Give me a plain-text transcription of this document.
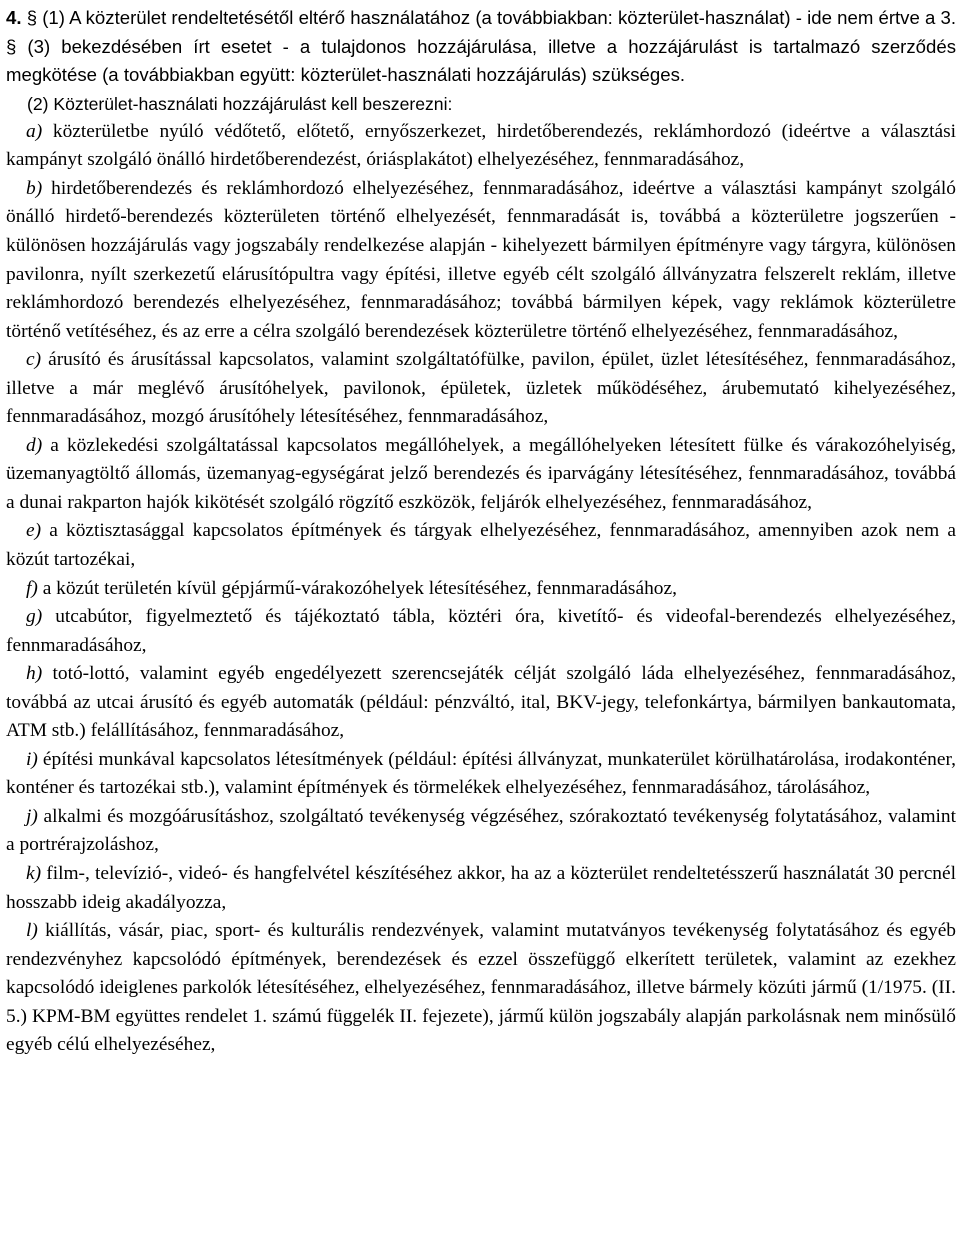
4. § (1) A közterület rendeltetésétől eltérő használatához (a továbbiakban: közterület-használat) - ide nem értve a 3. § (3) bekezdésében írt esetet - a tulajdonos hozzájárulása, illetve a hozzájárulást is tartalmazó szerződés megkötése (a továbbiakban együtt: közterület-használati hozzájárulás) szükséges.

(2) Közterület-használati hozzájárulást kell beszerezni:

a) közterületbe nyúló védőtető, előtető, ernyőszerkezet, hirdetőberendezés, reklámhordozó (ideértve a választási kampányt szolgáló önálló hirdetőberendezést, óriásplakátot) elhelyezéséhez, fennmaradásához,

b) hirdetőberendezés és reklámhordozó elhelyezéséhez, fennmaradásához, ideértve a választási kampányt szolgáló önálló hirdető-berendezés közterületen történő elhelyezését, fennmaradását is, továbbá a közterületre jogszerűen - különösen hozzájárulás vagy jogszabály rendelkezése alapján - kihelyezett bármilyen építményre vagy tárgyra, különösen pavilonra, nyílt szerkezetű elárusítópultra vagy építési, illetve egyéb célt szolgáló állványzatra felszerelt reklám, illetve reklámhordozó berendezés elhelyezéséhez, fennmaradásához; továbbá bármilyen képek, vagy reklámok közterületre történő vetítéséhez, és az erre a célra szolgáló berendezések közterületre történő elhelyezéséhez, fennmaradásához,

c) árusító és árusítással kapcsolatos, valamint szolgáltatófülke, pavilon, épület, üzlet létesítéséhez, fennmaradásához, illetve a már meglévő árusítóhelyek, pavilonok, épületek, üzletek működéséhez, árubemutató kihelyezéséhez, fennmaradásához, mozgó árusítóhely létesítéséhez, fennmaradásához,

d) a közlekedési szolgáltatással kapcsolatos megállóhelyek, a megállóhelyeken létesített fülke és várakozóhelyiség, üzemanyagtöltő állomás, üzemanyag-egységárat jelző berendezés és iparvágány létesítéséhez, fennmaradásához, továbbá a dunai rakparton hajók kikötését szolgáló rögzítő eszközök, feljárók elhelyezéséhez, fennmaradásához,

e) a köztisztasággal kapcsolatos építmények és tárgyak elhelyezéséhez, fennmaradásához, amennyiben azok nem a közút tartozékai,

f) a közút területén kívül gépjármű-várakozóhelyek létesítéséhez, fennmaradásához,

g) utcabútor, figyelmeztető és tájékoztató tábla, köztéri óra, kivetítő- és videofal-berendezés elhelyezéséhez, fennmaradásához,

h) totó-lottó, valamint egyéb engedélyezett szerencsejáték célját szolgáló láda elhelyezéséhez, fennmaradásához, továbbá az utcai árusító és egyéb automaták (például: pénzváltó, ital, BKV-jegy, telefonkártya, bármilyen bankautomata, ATM stb.) felállításához, fennmaradásához,

i) építési munkával kapcsolatos létesítmények (például: építési állványzat, munkaterület körülhatárolása, irodakonténer, konténer és tartozékai stb.), valamint építmények és törmelékek elhelyezéséhez, fennmaradásához, tárolásához,

j) alkalmi és mozgóárusításhoz, szolgáltató tevékenység végzéséhez, szórakoztató tevékenység folytatásához, valamint a portrérajzoláshoz,

k) film-, televízió-, videó- és hangfelvétel készítéséhez akkor, ha az a közterület rendeltetésszerű használatát 30 percnél hosszabb ideig akadályozza,

l) kiállítás, vásár, piac, sport- és kulturális rendezvények, valamint mutatványos tevékenység folytatásához és egyéb rendezvényhez kapcsolódó építmények, berendezések és ezzel összefüggő elkerített területek, valamint az ezekhez kapcsolódó ideiglenes parkolók létesítéséhez, elhelyezéséhez, fennmaradásához, illetve bármely közúti jármű (1/1975. (II. 5.) KPM-BM együttes rendelet 1. számú függelék II. fejezete), jármű külön jogszabály alapján parkolásnak nem minősülő egyéb célú elhelyezéséhez,
